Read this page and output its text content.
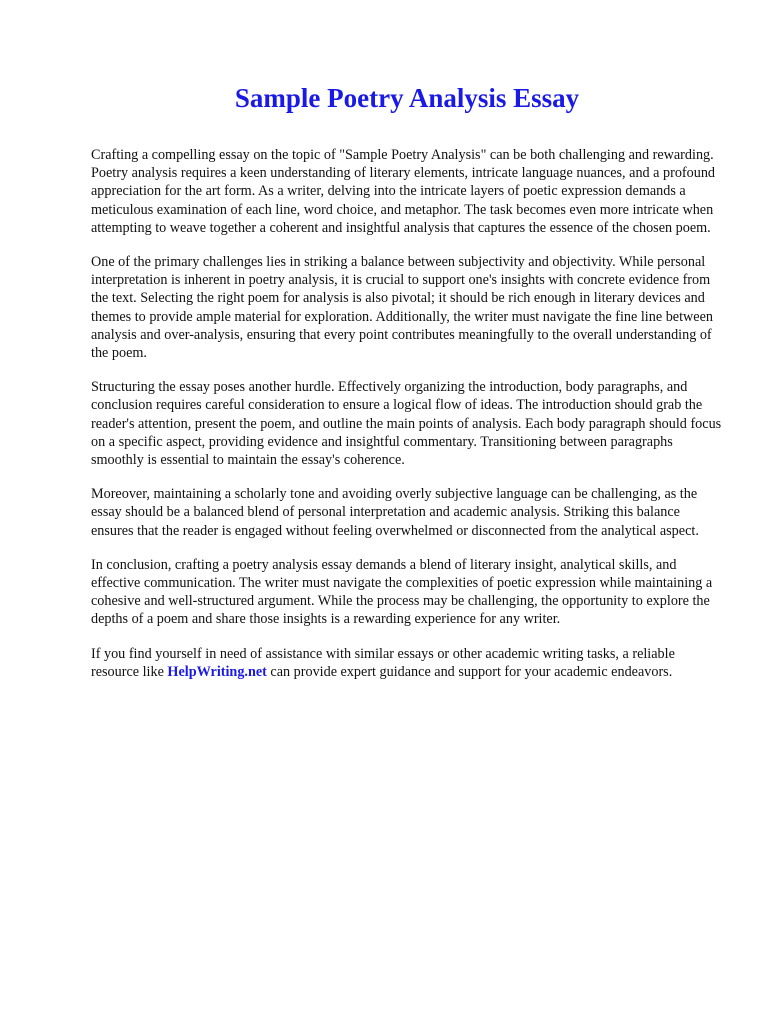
Sample Poetry Analysis Essay

Crafting a compelling essay on the topic of "Sample Poetry Analysis" can be both challenging and rewarding. Poetry analysis requires a keen understanding of literary elements, intricate language nuances, and a profound appreciation for the art form. As a writer, delving into the intricate layers of poetic expression demands a meticulous examination of each line, word choice, and metaphor. The task becomes even more intricate when attempting to weave together a coherent and insightful analysis that captures the essence of the chosen poem.

One of the primary challenges lies in striking a balance between subjectivity and objectivity. While personal interpretation is inherent in poetry analysis, it is crucial to support one's insights with concrete evidence from the text. Selecting the right poem for analysis is also pivotal; it should be rich enough in literary devices and themes to provide ample material for exploration. Additionally, the writer must navigate the fine line between analysis and over-analysis, ensuring that every point contributes meaningfully to the overall understanding of the poem.

Structuring the essay poses another hurdle. Effectively organizing the introduction, body paragraphs, and conclusion requires careful consideration to ensure a logical flow of ideas. The introduction should grab the reader's attention, present the poem, and outline the main points of analysis. Each body paragraph should focus on a specific aspect, providing evidence and insightful commentary. Transitioning between paragraphs smoothly is essential to maintain the essay's coherence.

Moreover, maintaining a scholarly tone and avoiding overly subjective language can be challenging, as the essay should be a balanced blend of personal interpretation and academic analysis. Striking this balance ensures that the reader is engaged without feeling overwhelmed or disconnected from the analytical aspect.

In conclusion, crafting a poetry analysis essay demands a blend of literary insight, analytical skills, and effective communication. The writer must navigate the complexities of poetic expression while maintaining a cohesive and well-structured argument. While the process may be challenging, the opportunity to explore the depths of a poem and share those insights is a rewarding experience for any writer.

If you find yourself in need of assistance with similar essays or other academic writing tasks, a reliable resource like HelpWriting.net can provide expert guidance and support for your academic endeavors.
